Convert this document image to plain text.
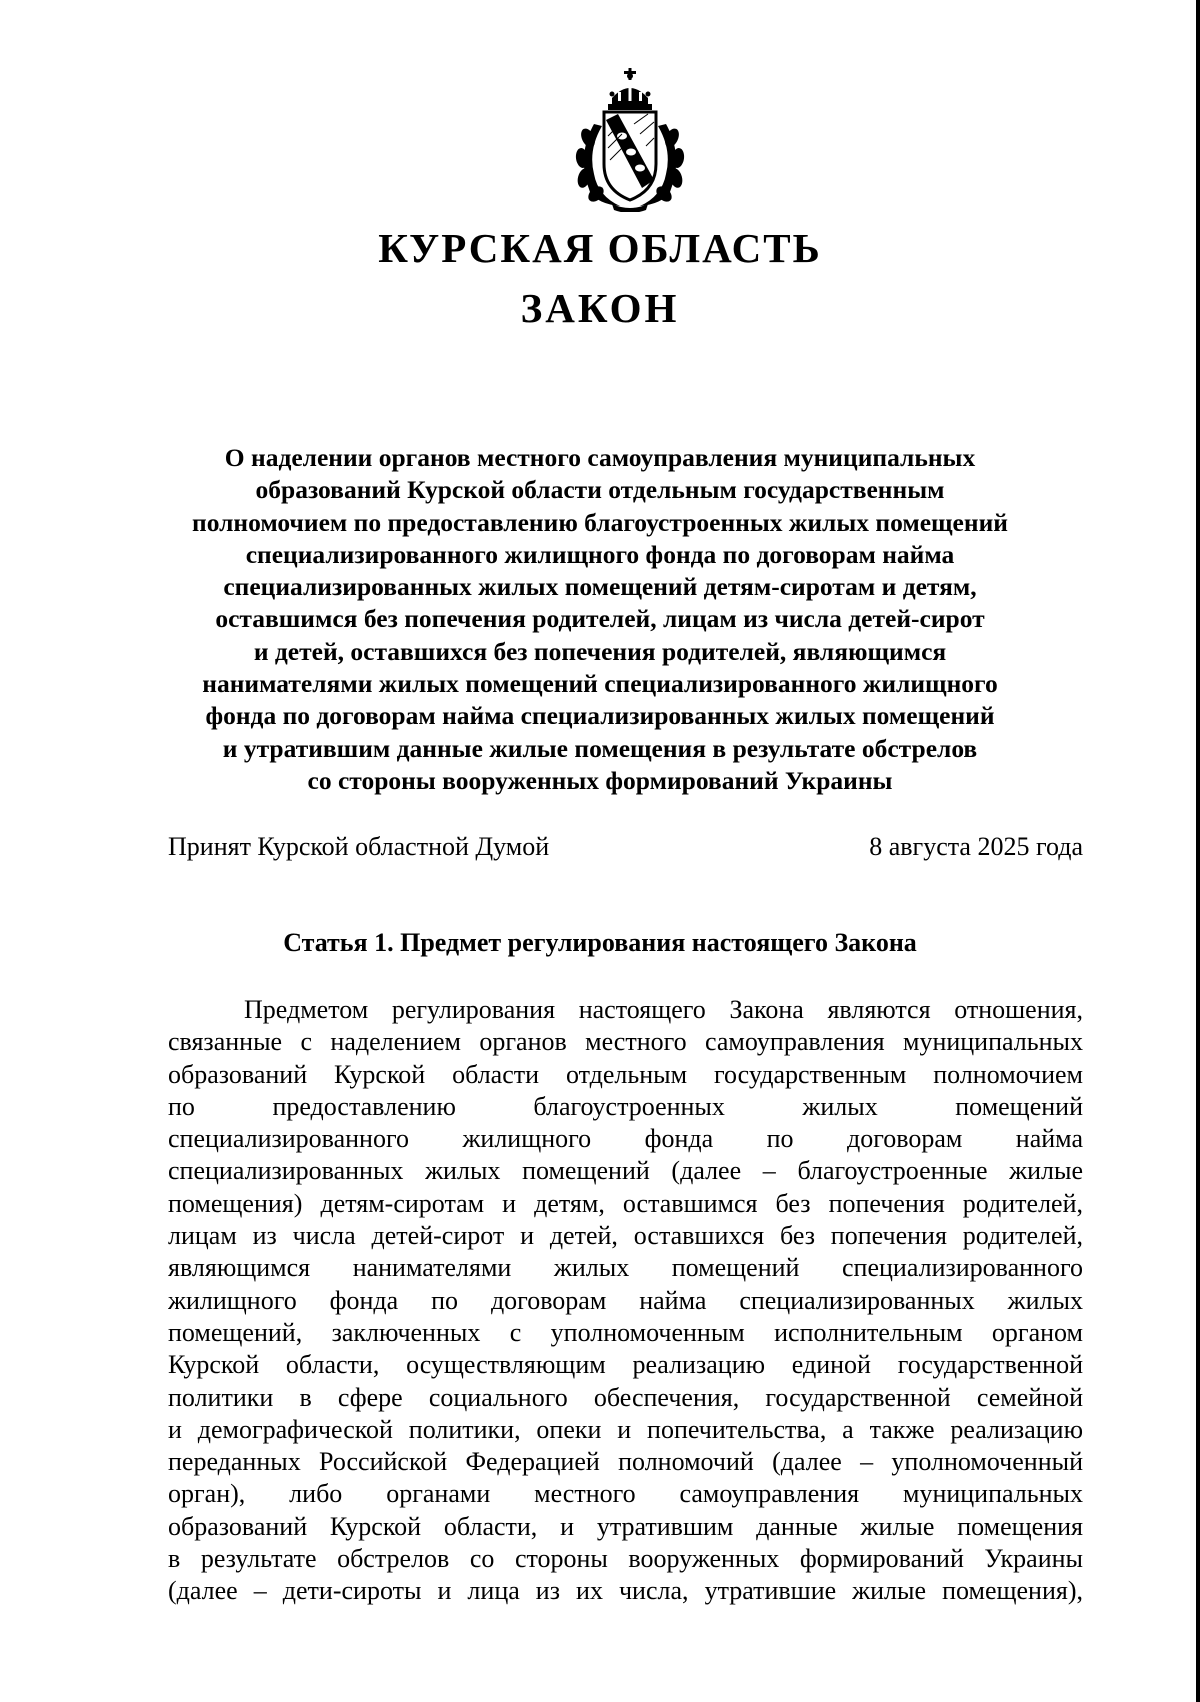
КУРСКАЯ ОБЛАСТЬ
ЗАКОН
О наделении органов местного самоуправления муниципальных
образований Курской области отдельным государственным
полномочием по предоставлению благоустроенных жилых помещений
специализированного жилищного фонда по договорам найма
специализированных жилых помещений детям-сиротам и детям,
оставшимся без попечения родителей, лицам из числа детей-сирот
и детей, оставшихся без попечения родителей, являющимся
нанимателями жилых помещений специализированного жилищного
фонда по договорам найма специализированных жилых помещений
и утратившим данные жилые помещения в результате обстрелов
со стороны вооруженных формирований Украины
Принят Курской областной Думой	8 августа 2025 года
Статья 1. Предмет регулирования настоящего Закона
Предметом регулирования настоящего Закона являются отношения,
связанные с наделением органов местного самоуправления муниципальных
образований Курской области отдельным государственным полномочием
по предоставлению благоустроенных жилых помещений
специализированного жилищного фонда по договорам найма
специализированных жилых помещений (далее – благоустроенные жилые
помещения) детям-сиротам и детям, оставшимся без попечения родителей,
лицам из числа детей-сирот и детей, оставшихся без попечения родителей,
являющимся нанимателями жилых помещений специализированного
жилищного фонда по договорам найма специализированных жилых
помещений, заключенных с уполномоченным исполнительным органом
Курской области, осуществляющим реализацию единой государственной
политики в сфере социального обеспечения, государственной семейной
и демографической политики, опеки и попечительства, а также реализацию
переданных Российской Федерацией полномочий (далее – уполномоченный
орган), либо органами местного самоуправления муниципальных
образований Курской области, и утратившим данные жилые помещения
в результате обстрелов со стороны вооруженных формирований Украины
(далее – дети-сироты и лица из их числа, утратившие жилые помещения),
